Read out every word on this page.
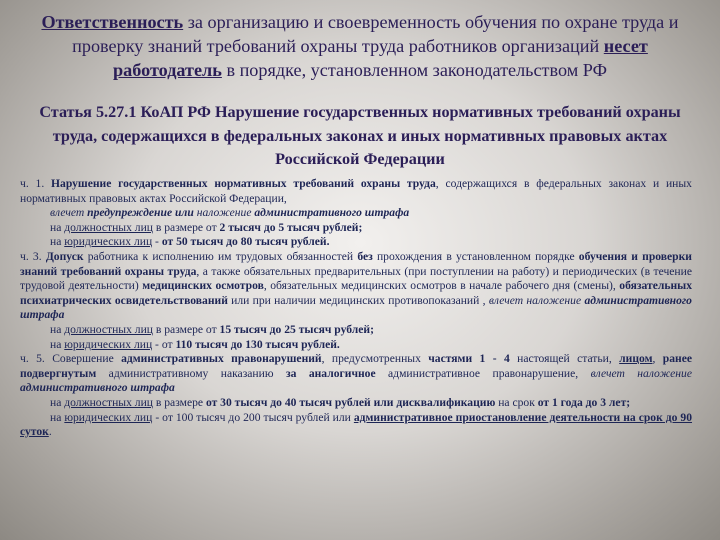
Ответственность за организацию и своевременность обучения по охране труда и проверку знаний требований охраны труда работников организаций несет работодатель в порядке, установленном законодательством РФ
Статья 5.27.1 КоАП РФ Нарушение государственных нормативных требований охраны труда, содержащихся в федеральных законах и иных нормативных правовых актах Российской Федерации

ч. 1. Нарушение государственных нормативных требований охраны труда, содержащихся в федеральных законах и иных нормативных правовых актах Российской Федерации,

влечет предупреждение или наложение административного штрафа

на должностных лиц в размере от 2 тысяч до 5 тысяч рублей;

на юридических лиц - от 50 тысяч до 80 тысяч рублей.

ч. 3. Допуск работника к исполнению им трудовых обязанностей без прохождения в установленном порядке обучения и проверки знаний требований охраны труда, а также обязательных предварительных (при поступлении на работу) и периодических (в течение трудовой деятельности) медицинских осмотров, обязательных медицинских осмотров в начале рабочего дня (смены), обязательных психиатрических освидетельствований или при наличии медицинских противопоказаний , влечет наложение административного штрафа

на должностных лиц в размере от 15 тысяч до 25 тысяч рублей;

на юридических лиц - от 110 тысяч до 130 тысяч рублей.

ч. 5. Совершение административных правонарушений, предусмотренных частями 1 - 4 настоящей статьи, лицом, ранее подвергнутым административному наказанию за аналогичное административное правонарушение, влечет наложение административного штрафа

на должностных лиц в размере от 30 тысяч до 40 тысяч рублей или дисквалификацию на срок от 1 года до 3 лет;

на юридических лиц - от 100 тысяч до 200 тысяч рублей или административное приостановление деятельности на срок до 90 суток.
